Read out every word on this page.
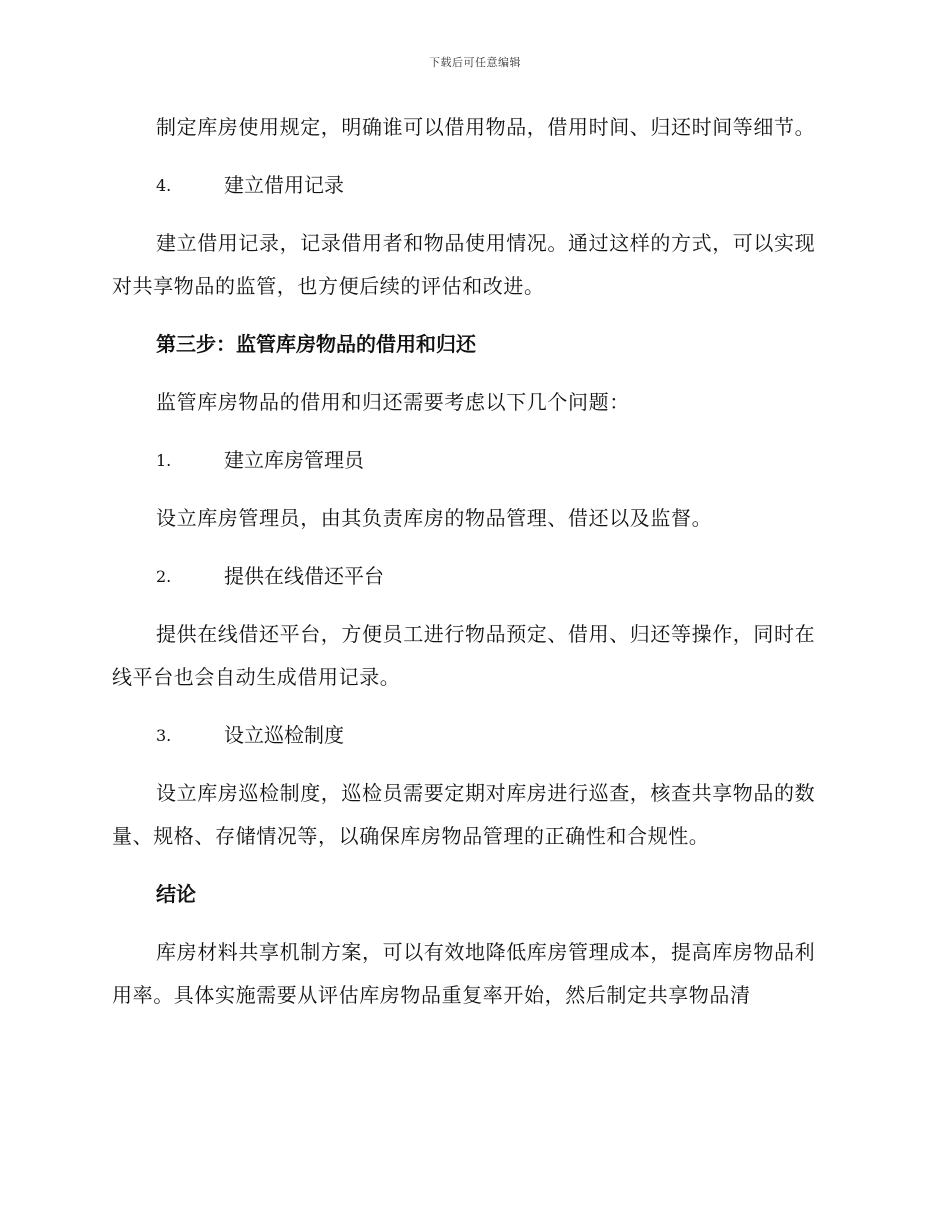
下载后可任意编辑

制定库房使用规定，明确谁可以借用物品，借用时间、归还时间等细节。

4.	建立借用记录

建立借用记录，记录借用者和物品使用情况。通过这样的方式，可以实现对共享物品的监管，也方便后续的评估和改进。

第三步：监管库房物品的借用和归还

监管库房物品的借用和归还需要考虑以下几个问题：

1.	建立库房管理员

设立库房管理员，由其负责库房的物品管理、借还以及监督。

2.	提供在线借还平台

提供在线借还平台，方便员工进行物品预定、借用、归还等操作，同时在线平台也会自动生成借用记录。

3.	设立巡检制度

设立库房巡检制度，巡检员需要定期对库房进行巡查，核查共享物品的数量、规格、存储情况等，以确保库房物品管理的正确性和合规性。

结论

库房材料共享机制方案，可以有效地降低库房管理成本，提高库房物品利用率。具体实施需要从评估库房物品重复率开始，然后制定共享物品清
